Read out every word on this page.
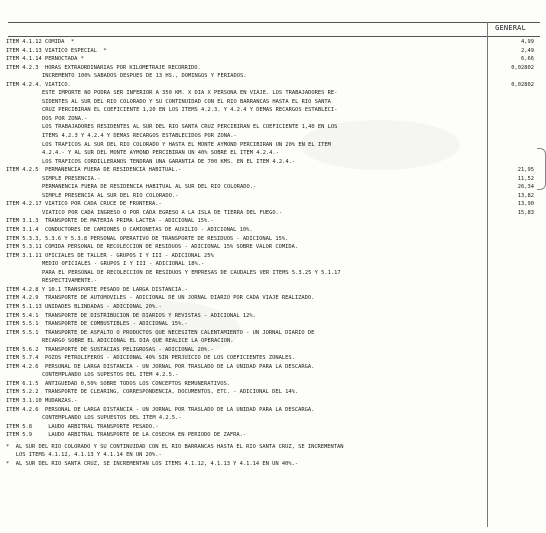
GENERAL
ITEM 4.1.12 COMIDA  *	4,99
ITEM 4.1.13 VIATICO ESPECIAL  *	2,49
ITEM 4.1.14 PERNOCTADA *	6,66
ITEM 4.2.3  HORAS EXTRAORDINARIAS POR KILOMETRAJE RECORRIDO.	0,02802
INCREMENTO 100% SABADOS DESPUES DE 13 HS., DOMINGOS Y FERIADOS.
ITEM 4.2.4. VIATICO.	0,02802
ESTE IMPORTE NO PODRA SER INFERIOR A 350 KM. X DIA X PERSONA EN VIAJE. LOS TRABAJADORES RE-
SIDENTES AL SUR DEL RIO COLORADO Y SU CONTINUIDAD CON EL RIO BARRANCAS HASTA EL RIO SANTA
CRUZ PERCIBIRAN EL COEFICIENTE 1,20 EN LOS ITEMS 4.2.3. Y 4.2.4 Y DEMAS RECARGOS ESTABLECI-
DOS POR ZONA.-
LOS TRABAJADORES RESIDENTES AL SUR DEL RIO SANTA CRUZ PERCIBIRAN EL COEFICIENTE 1,40 EN LOS
ITEMS 4.2.3 Y 4.2.4 Y DEMAS RECARGOS ESTABLECIDOS POR ZONA.-
LOS TRAFICOS AL SUR DEL RIO COLORADO Y HASTA EL MONTE AYMOND PERCIBIRAN UN 20% EN EL ITEM
4.2.4.- Y AL SUR DEL MONTE AYMOND PERCIBIRAN UN 40% SOBRE EL ITEM 4.2.4.-
LOS TRAFICOS CORDILLERANOS TENDRAN UNA GARANTIA DE 700 KMS. EN EL ITEM 4.2.4.-
ITEM 4.2.5  PERMANENCIA FUERA DE RESIDENCIA HABITUAL.-	21,95
SIMPLE PRESENCIA.-	11,52
PERMANENCIA FUERA DE RESIDENCIA HABITUAL AL SUR DEL RIO COLORADO.-	26,34
SIMPLE PRESENCIA AL SUR DEL RIO COLORADO.-	13,82
ITEM 4.2.17 VIATICO POR CADA CRUCE DE FRONTERA.-	13,90
VIATICO POR CADA INGRESO O POR CADA EGRESO A LA ISLA DE TIERRA DEL FUEGO.-	15,83
ITEM 3.1.3  TRANSPORTE DE MATERIA PRIMA LACTEA - ADICIONAL 15%.-
ITEM 3.1.4  CONDUCTORES DE CAMIONES O CAMIONETAS DE AUXILIO - ADICIONAL 10%.
ITEM 5.3.3, 5.3.6 Y 5.3.8 PERSONAL OPERATIVO DE TRANSPORTE DE RESIDUOS - ADICIONAL 15%.
ITEM 5.3.11 COMIDA PERSONAL DE RECOLECCION DE RESIDUOS - ADICIONAL 15% SOBRE VALOR COMIDA.
ITEM 3.1.11 OFICIALES DE TALLER - GRUPOS I Y III - ADICIONAL 25%
MEDIO OFICIALES - GRUPOS I Y III - ADICIONAL 18%.-
PARA EL PERSONAL DE RECOLECCION DE RESIDUOS Y EMPRESAS DE CAUDALES VER ITEMS 5.3.25 Y 5.1.17
RESPECTIVAMENTE.-
ITEM 4.2.8 Y 10.1 TRANSPORTE PESADO DE LARGA DISTANCIA.-
ITEM 4.2.9  TRANSPORTE DE AUTOMOVILES - ADICIONAL DE UN JORNAL DIARIO POR CADA VIAJE REALIZADO.
ITEM 5.1.13 UNIDADES BLINDADAS - ADICIONAL 20%.-
ITEM 5.4.1  TRANSPORTE DE DISTRIBUCION DE DIARIOS Y REVISTAS - ADICIONAL 12%.
ITEM 5.5.1  TRANSPORTE DE COMBUSTIBLES - ADICIONAL 15%.-
ITEM 5.5.1  TRANSPORTE DE ASFALTO O PRODUCTOS QUE NECESITEN CALENTAMIENTO - UN JORNAL DIARIO DE
RECARGO SOBRE EL ADICIONAL EL DIA QUE REALICE LA OPERACION.
ITEM 5.6.2  TRANSPORTE DE SUSTACIAS PELIGROSAS - ADICIONAL 20%.-
ITEM 5.7.4  POZOS PETROLIFEROS - ADICIONAL 40% SIN PERJUICIO DE LOS COEFICIENTES ZONALES.
ITEM 4.2.6  PERSONAL DE LARGA DISTANCIA - UN JORNAL POR TRASLADO DE LA UNIDAD PARA LA DESCARGA.
CONTEMPLANDO LOS SUPESTOS DEL ITEM 4.2.5.-
ITEM 6.1.5  ANTIGUEDAD 0,50% SOBRE TODOS LOS CONCEPTOS REMUNERATIVOS.
ITEM 5.2.2  TRANSPORTE DE CLEARING, CORRESPONDENCIA, DOCUMENTOS, ETC. - ADICIONAL DEL 14%.
ITEM 3.1.10 MUDANZAS.-
ITEM 4.2.6  PERSONAL DE LARGA DISTANCIA - UN JORNAL POR TRASLADO DE LA UNIDAD PARA LA DESCARGA.
CONTEMPLANDO LOS SUPUESTOS DEL ITEM 4.2.5.-
ITEM 5.8     LAUDO ARBITRAL TRANSPORTE PESADO.-
ITEM 5.9     LAUDO ARBITRAL TRANSPORTE DE LA COSECHA EN PERIODO DE ZAFRA.-
*  AL SUR DEL RIO COLORADO Y SU CONTINUIDAD CON EL RIO BARRANCAS HASTA EL RIO SANTA CRUZ, SE INCREMENTAN
LOS ITEMS 4.1.12, 4.1.13 Y 4.1.14 EN UN 20%.-
*  AL SUR DEL RIO SANTA CRUZ, SE INCREMENTAN LOS ITEMS 4.1.12, 4.1.13 Y 4.1.14 EN UN 40%.-
